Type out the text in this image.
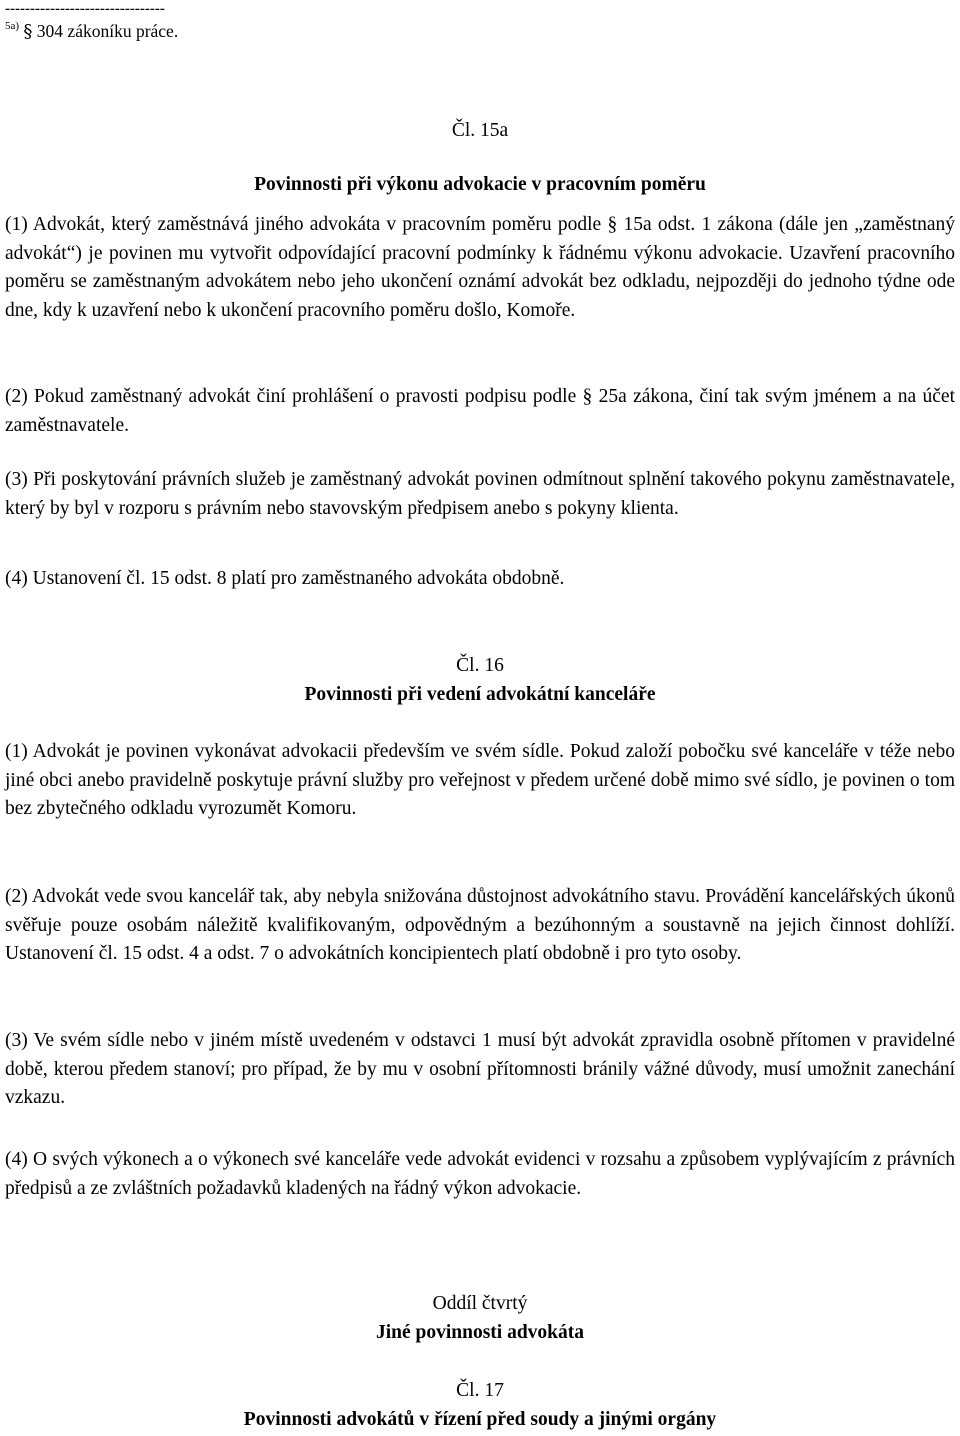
--------------------------------
$^{5a)}$ § 304 zákoníku práce.
Čl. 15a
Povinnosti při výkonu advokacie v pracovním poměru
(1) Advokát, který zaměstnává jiného advokáta v pracovním poměru podle § 15a odst. 1 zákona (dále jen „zaměstnaný advokát“) je povinen mu vytvořit odpovídající pracovní podmínky k řádnému výkonu advokacie. Uzavření pracovního poměru se zaměstnaným advokátem nebo jeho ukončení oznámí advokát bez odkladu, nejpozději do jednoho týdne ode dne, kdy k uzavření nebo k ukončení pracovního poměru došlo, Komoře.
(2) Pokud zaměstnaný advokát činí prohlášení o pravosti podpisu podle § 25a zákona, činí tak svým jménem a na účet zaměstnavatele.
(3) Při poskytování právních služeb je zaměstnaný advokát povinen odmítnout splnění takového pokynu zaměstnavatele, který by byl v rozporu s právním nebo stavovským předpisem anebo s pokyny klienta.
(4) Ustanovení čl. 15 odst. 8 platí pro zaměstnaného advokáta obdobně.
Čl. 16
Povinnosti při vedení advokátní kanceláře
(1) Advokát je povinen vykonávat advokacii především ve svém sídle. Pokud založí pobočku své kanceláře v téže nebo jiné obci anebo pravidelně poskytuje právní služby pro veřejnost v předem určené době mimo své sídlo, je povinen o tom bez zbytečného odkladu vyrozumět Komoru.
(2) Advokát vede svou kancelář tak, aby nebyla snižována důstojnost advokátního stavu. Provádění kancelářských úkonů svěřuje pouze osobám náležitě kvalifikovaným, odpovědným a bezúhonným a soustavně na jejich činnost dohlíží. Ustanovení čl. 15 odst. 4 a odst. 7 o advokátních koncipientech platí obdobně i pro tyto osoby.
(3) Ve svém sídle nebo v jiném místě uvedeném v odstavci 1 musí být advokát zpravidla osobně přítomen v pravidelné době, kterou předem stanoví; pro případ, že by mu v osobní přítomnosti bránily vážné důvody, musí umožnit zanechání vzkazu.
(4) O svých výkonech a o výkonech své kanceláře vede advokát evidenci v rozsahu a způsobem vyplývajícím z právních předpisů a ze zvláštních požadavků kladených na řádný výkon advokacie.
Oddíl čtvrtý
Jiné povinnosti advokáta
Čl. 17
Povinnosti advokátů v řízení před soudy a jinými orgány
